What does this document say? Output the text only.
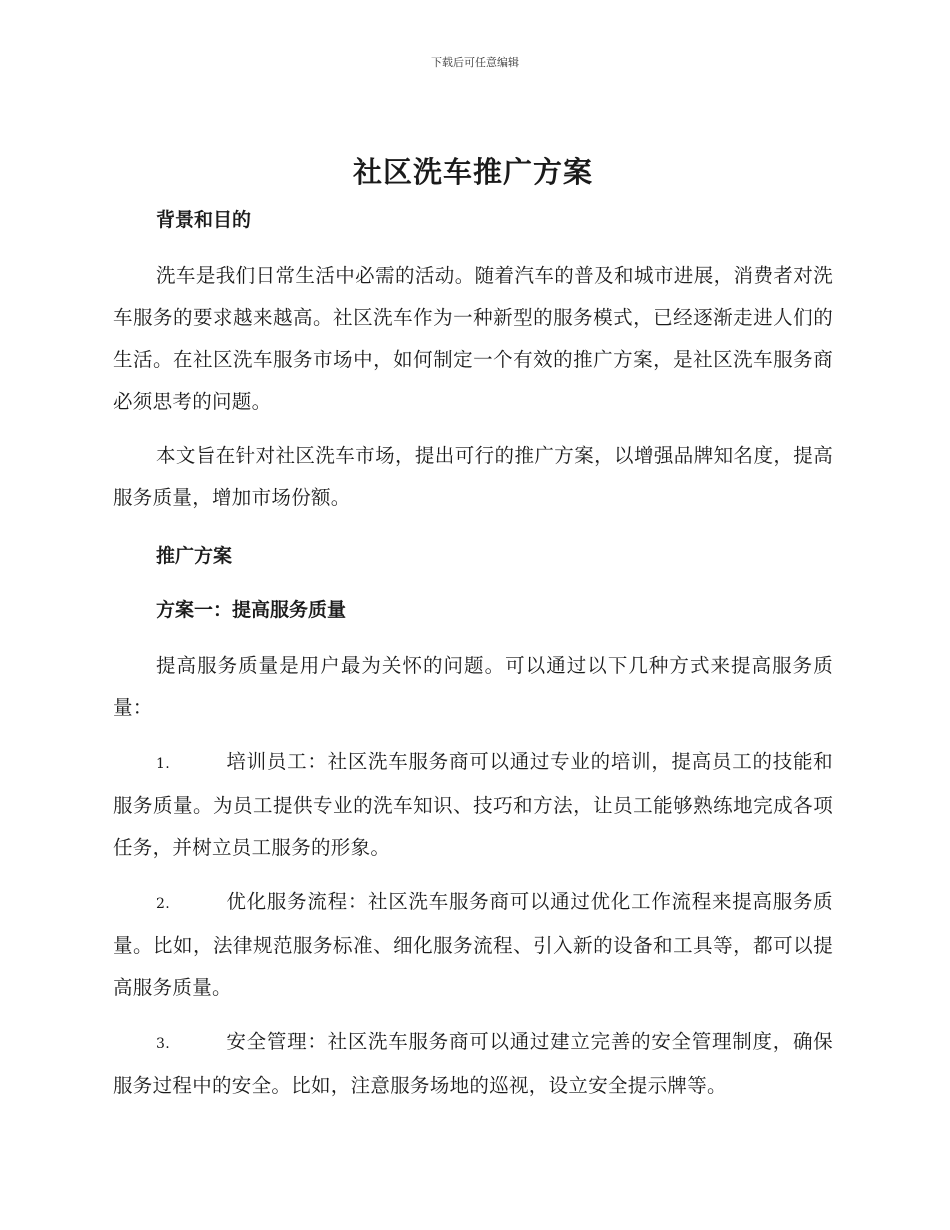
下载后可任意编辑
社区洗车推广方案
背景和目的

洗车是我们日常生活中必需的活动。随着汽车的普及和城市进展，消费者对洗车服务的要求越来越高。社区洗车作为一种新型的服务模式，已经逐渐走进人们的生活。在社区洗车服务市场中，如何制定一个有效的推广方案，是社区洗车服务商必须思考的问题。

本文旨在针对社区洗车市场，提出可行的推广方案，以增强品牌知名度，提高服务质量，增加市场份额。

推广方案
方案一：提高服务质量

提高服务质量是用户最为关怀的问题。可以通过以下几种方式来提高服务质量：

1.	培训员工：社区洗车服务商可以通过专业的培训，提高员工的技能和服务质量。为员工提供专业的洗车知识、技巧和方法，让员工能够熟练地完成各项任务，并树立员工服务的形象。

2.	优化服务流程：社区洗车服务商可以通过优化工作流程来提高服务质量。比如，法律规范服务标准、细化服务流程、引入新的设备和工具等，都可以提高服务质量。

3.	安全管理：社区洗车服务商可以通过建立完善的安全管理制度，确保服务过程中的安全。比如，注意服务场地的巡视，设立安全提示牌等。
